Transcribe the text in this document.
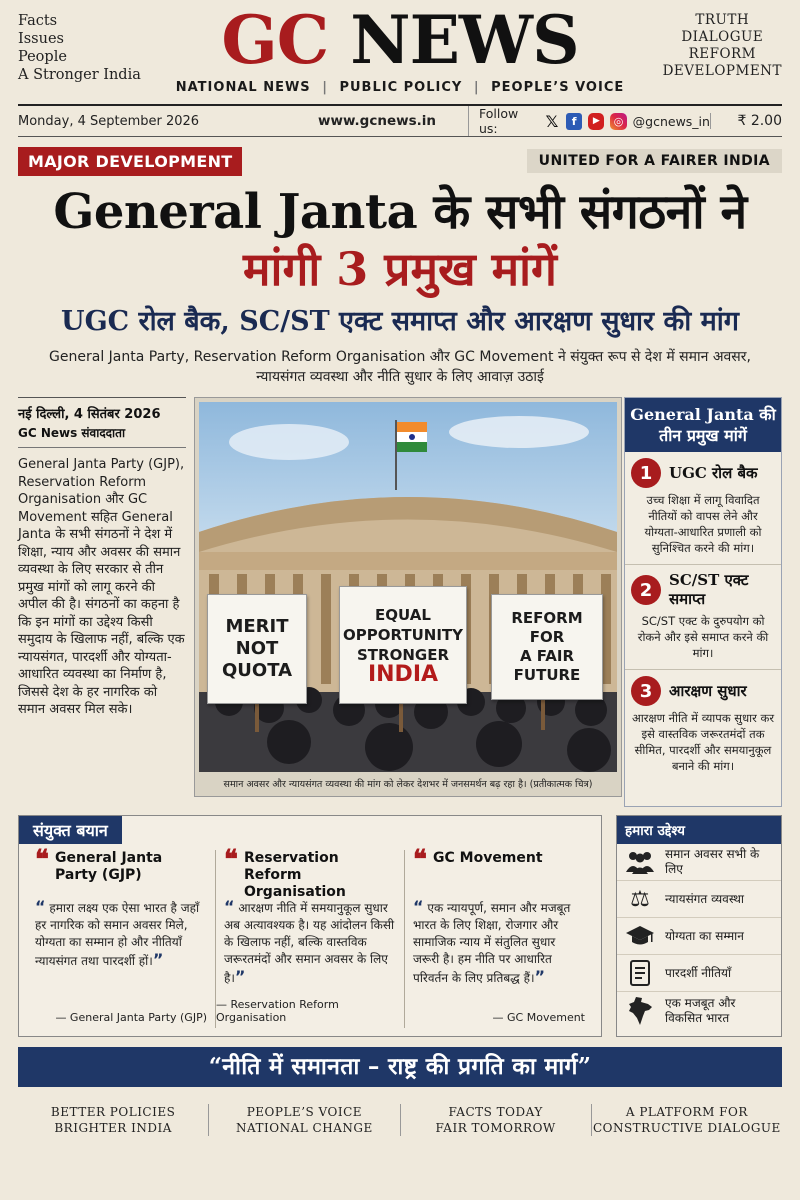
Facts
Issues
People
A Stronger India	GC NEWS	TRUTH
DIALOGUE
REFORM
DEVELOPMENT
NATIONAL NEWS | PUBLIC POLICY | PEOPLE’S VOICE
Monday, 4 September 2026	www.gcnews.in	Follow us:	𝕏	f	▶	◎ @gcnews_in	₹ 2.00
MAJOR DEVELOPMENT	UNITED FOR A FAIRER INDIA
General Janta के सभी संगठनों ने
मांगी 3 प्रमुख मांगें
UGC रोल बैक, SC/ST एक्ट समाप्त और आरक्षण सुधार की मांग

General Janta Party, Reservation Reform Organisation और GC Movement ने संयुक्त रूप से देश में समान अवसर, न्यायसंगत व्यवस्था और नीति सुधार के लिए आवाज़ उठाई

नई दिल्ली, 4 सितंबर 2026
GC News संवाददाता
General Janta Party (GJP), Reservation Reform Organisation और GC Movement सहित General Janta के सभी संगठनों ने देश में शिक्षा, न्याय और अवसर की समान व्यवस्था के लिए सरकार से तीन प्रमुख मांगों को लागू करने की अपील की है। संगठनों का कहना है कि इन मांगों का उद्देश्य किसी समुदाय के खिलाफ नहीं, बल्कि एक न्यायसंगत, पारदर्शी और योग्यता-आधारित व्यवस्था का निर्माण है, जिससे देश के हर नागरिक को समान अवसर मिल सके।
MERIT
NOT
QUOTA
EQUAL
OPPORTUNITY
STRONGER
INDIA
REFORM
FOR
A FAIR
FUTURE
समान अवसर और न्यायसंगत व्यवस्था की मांग को लेकर देशभर में जनसमर्थन बढ़ रहा है। (प्रतीकात्मक चित्र)
General Janta की तीन प्रमुख मांगें
1	UGC रोल बैक
उच्च शिक्षा में लागू विवादित नीतियों को वापस लेने और योग्यता-आधारित प्रणाली को सुनिश्चित करने की मांग।
2	SC/ST एक्ट समाप्त
SC/ST एक्ट के दुरुपयोग को रोकने और इसे समाप्त करने की मांग।
3	आरक्षण सुधार
आरक्षण नीति में व्यापक सुधार कर इसे वास्तविक जरूरतमंदों तक सीमित, पारदर्शी और समयानुकूल बनाने की मांग।
संयुक्त बयान
❝ General Janta Party (GJP)
“ हमारा लक्ष्य एक ऐसा भारत है जहाँ हर नागरिक को समान अवसर मिले, योग्यता का सम्मान हो और नीतियाँ न्यायसंगत तथा पारदर्शी हों।”
— General Janta Party (GJP)
❝ Reservation Reform Organisation
“ आरक्षण नीति में समयानुकूल सुधार अब अत्यावश्यक है। यह आंदोलन किसी के खिलाफ नहीं, बल्कि वास्तविक जरूरतमंदों और समान अवसर के लिए है।”
— Reservation Reform Organisation
❝ GC Movement
“ एक न्यायपूर्ण, समान और मजबूत भारत के लिए शिक्षा, रोजगार और सामाजिक न्याय में संतुलित सुधार जरूरी है। हम नीति पर आधारित परिवर्तन के लिए प्रतिबद्ध हैं।”
— GC Movement
हमारा उद्देश्य
समान अवसर सभी के लिए
⚖	न्यायसंगत व्यवस्था
योग्यता का सम्मान
पारदर्शी नीतियाँ
एक मजबूत और विकसित भारत
“नीति में समानता – राष्ट्र की प्रगति का मार्ग”
BETTER POLICIES
BRIGHTER INDIA
PEOPLE’S VOICE
NATIONAL CHANGE
FACTS TODAY
FAIR TOMORROW
A PLATFORM FOR
CONSTRUCTIVE DIALOGUE
